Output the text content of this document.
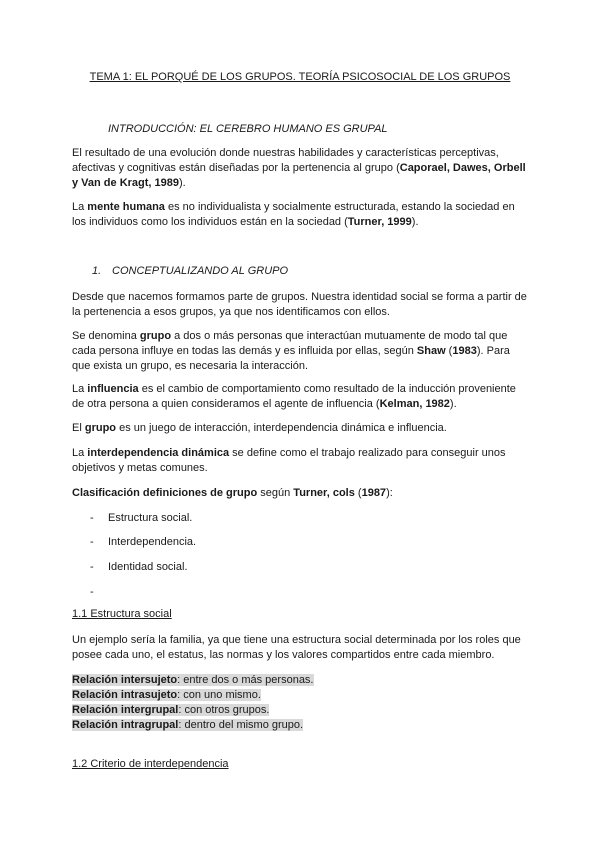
TEMA 1: EL PORQUÉ DE LOS GRUPOS. TEORÍA PSICOSOCIAL DE LOS GRUPOS
INTRODUCCIÓN: EL CEREBRO HUMANO ES GRUPAL

El resultado de una evolución donde nuestras habilidades y características perceptivas, afectivas y cognitivas están diseñadas por la pertenencia al grupo (Caporael, Dawes, Orbell y Van de Kragt, 1989).

La mente humana es no individualista y socialmente estructurada, estando la sociedad en los individuos como los individuos están en la sociedad (Turner, 1999).

1. CONCEPTUALIZANDO AL GRUPO

Desde que nacemos formamos parte de grupos. Nuestra identidad social se forma a partir de la pertenencia a esos grupos, ya que nos identificamos con ellos.

Se denomina grupo a dos o más personas que interactúan mutuamente de modo tal que cada persona influye en todas las demás y es influida por ellas, según Shaw (1983). Para que exista un grupo, es necesaria la interacción.

La influencia es el cambio de comportamiento como resultado de la inducción proveniente de otra persona a quien consideramos el agente de influencia (Kelman, 1982).

El grupo es un juego de interacción, interdependencia dinámica e influencia.

La interdependencia dinámica se define como el trabajo realizado para conseguir unos objetivos y metas comunes.

Clasificación definiciones de grupo según Turner, cols (1987):

- Estructura social.
- Interdependencia.
- Identidad social.
-
1.1 Estructura social

Un ejemplo sería la familia, ya que tiene una estructura social determinada por los roles que posee cada uno, el estatus, las normas y los valores compartidos entre cada miembro.

Relación intersujeto: entre dos o más personas.
Relación intrasujeto: con uno mismo.
Relación intergrupal: con otros grupos.
Relación intragrupal: dentro del mismo grupo.
1.2 Criterio de interdependencia
